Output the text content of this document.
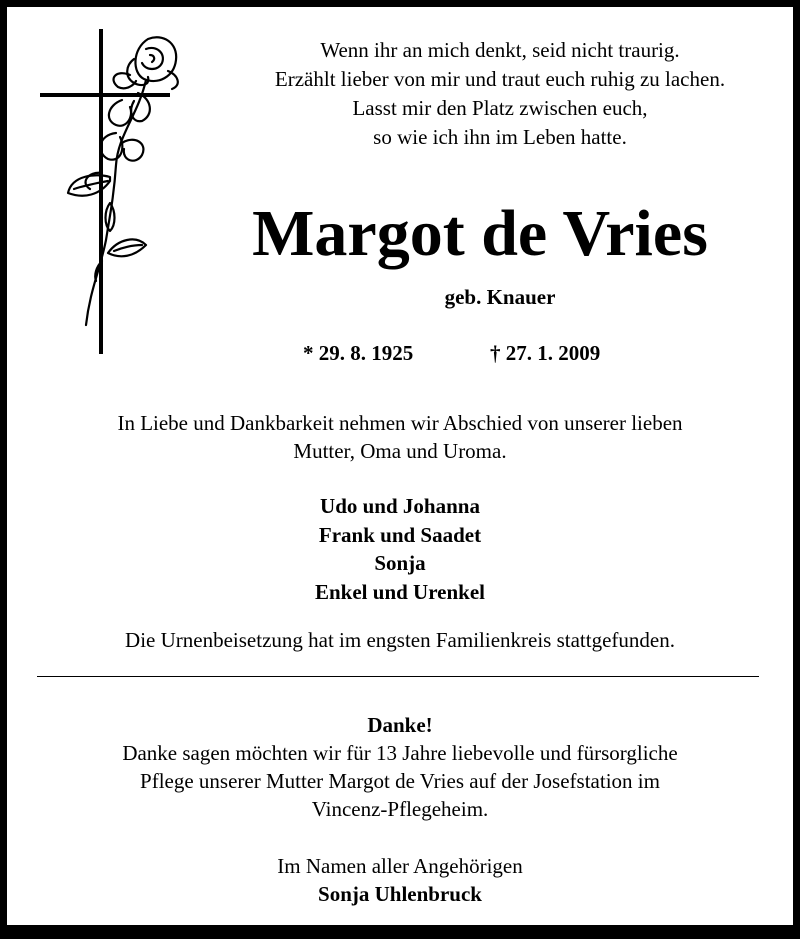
Wenn ihr an mich denkt, seid nicht traurig.
Erzählt lieber von mir und traut euch ruhig zu lachen.
Lasst mir den Platz zwischen euch,
so wie ich ihn im Leben hatte.
Margot de Vries
geb. Knauer
* 29. 8. 1925	† 27. 1. 2009
In Liebe und Dankbarkeit nehmen wir Abschied von unserer lieben
Mutter, Oma und Uroma.
Udo und Johanna
Frank und Saadet
Sonja
Enkel und Urenkel
Die Urnenbeisetzung hat im engsten Familienkreis stattgefunden.
Danke!
Danke sagen möchten wir für 13 Jahre liebevolle und fürsorgliche
Pflege unserer Mutter Margot de Vries auf der Josefstation im
Vincenz-Pflegeheim.
Im Namen aller Angehörigen
Sonja Uhlenbruck
